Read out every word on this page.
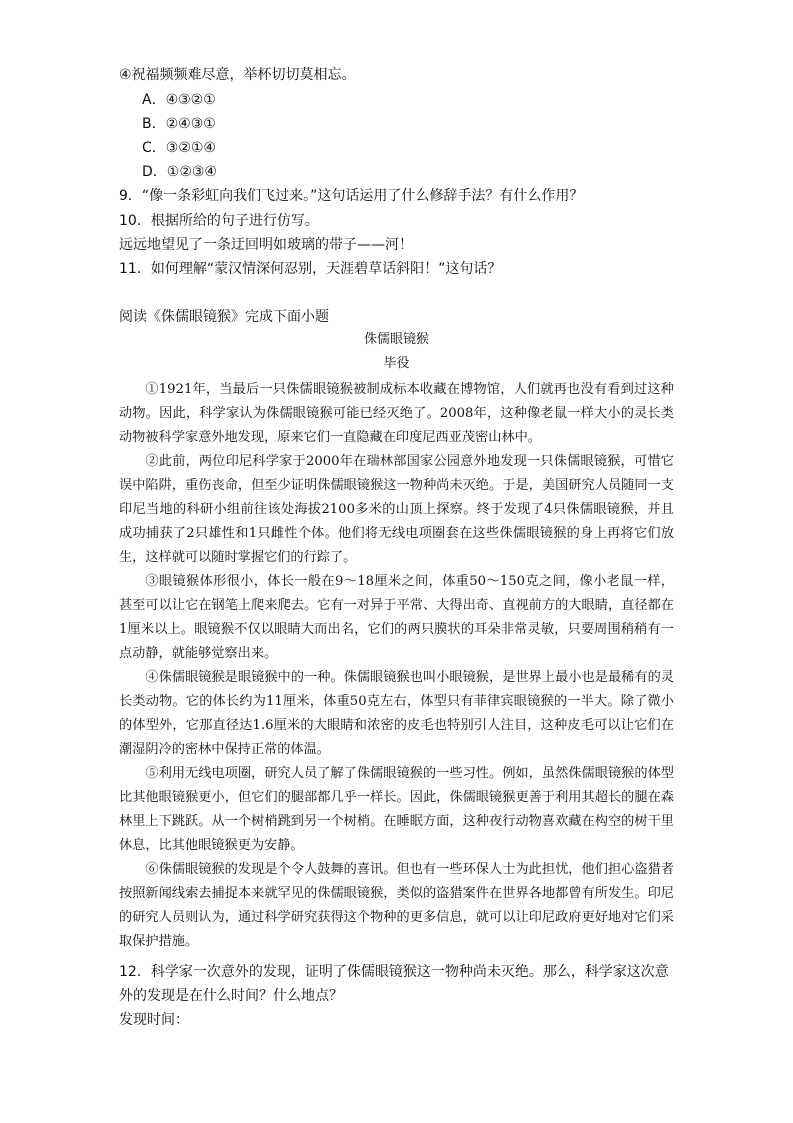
④祝福频频难尽意，举杯切切莫相忘。
A．④③②①
B．②④③①
C．③②①④
D．①②③④
9．“像一条彩虹向我们飞过来。”这句话运用了什么修辞手法？有什么作用？
10．根据所给的句子进行仿写。
远远地望见了一条迂回明如玻璃的带子——河！
11．如何理解“蒙汉情深何忍别，天涯碧草话斜阳！”这句话？
阅读《侏儒眼镜猴》完成下面小题
侏儒眼镜猴
毕役

①1921年，当最后一只侏儒眼镜猴被制成标本收藏在博物馆，人们就再也没有看到过这种动物。因此，科学家认为侏儒眼镜猴可能已经灭绝了。2008年，这种像老鼠一样大小的灵长类动物被科学家意外地发现，原来它们一直隐藏在印度尼西亚茂密山林中。

②此前，两位印尼科学家于2000年在瑞林部国家公园意外地发现一只侏儒眼镜猴，可惜它误中陷阱，重伤丧命，但至少证明侏儒眼镜猴这一物种尚未灭绝。于是，美国研究人员随同一支印尼当地的科研小组前往该处海拔2100多米的山顶上探察。终于发现了4只侏儒眼镜猴，并且成功捕获了2只雄性和1只雌性个体。他们将无线电项圈套在这些侏儒眼镜猴的身上再将它们放生，这样就可以随时掌握它们的行踪了。

③眼镜猴体形很小，体长一般在9～18厘米之间，体重50～150克之间，像小老鼠一样，甚至可以让它在钢笔上爬来爬去。它有一对异于平常、大得出奇、直视前方的大眼睛，直径都在1厘米以上。眼镜猴不仅以眼睛大而出名，它们的两只膜状的耳朵非常灵敏，只要周围稍稍有一点动静，就能够觉察出来。

④侏儒眼镜猴是眼镜猴中的一种。侏儒眼镜猴也叫小眼镜猴，是世界上最小也是最稀有的灵长类动物。它的体长约为11厘米，体重50克左右，体型只有菲律宾眼镜猴的一半大。除了微小的体型外，它那直径达1.6厘米的大眼睛和浓密的皮毛也特别引人注目，这种皮毛可以让它们在潮湿阴冷的密林中保持正常的体温。

⑤利用无线电项圈，研究人员了解了侏儒眼镜猴的一些习性。例如，虽然侏儒眼镜猴的体型比其他眼镜猴更小，但它们的腿部都几乎一样长。因此，侏儒眼镜猴更善于利用其超长的腿在森林里上下跳跃。从一个树梢跳到另一个树梢。在睡眠方面，这种夜行动物喜欢藏在构空的树干里休息，比其他眼镜猴更为安静。

⑥侏儒眼镜猴的发现是个令人鼓舞的喜讯。但也有一些环保人士为此担忧，他们担心盗猎者按照新闻线索去捕捉本来就罕见的侏儒眼镜猴，类似的盗猎案件在世界各地都曾有所发生。印尼的研究人员则认为，通过科学研究获得这个物种的更多信息，就可以让印尼政府更好地对它们采取保护措施。

12．科学家一次意外的发现，证明了侏儒眼镜猴这一物种尚未灭绝。那么，科学家这次意
外的发现是在什么时间？什么地点？
发现时间：
